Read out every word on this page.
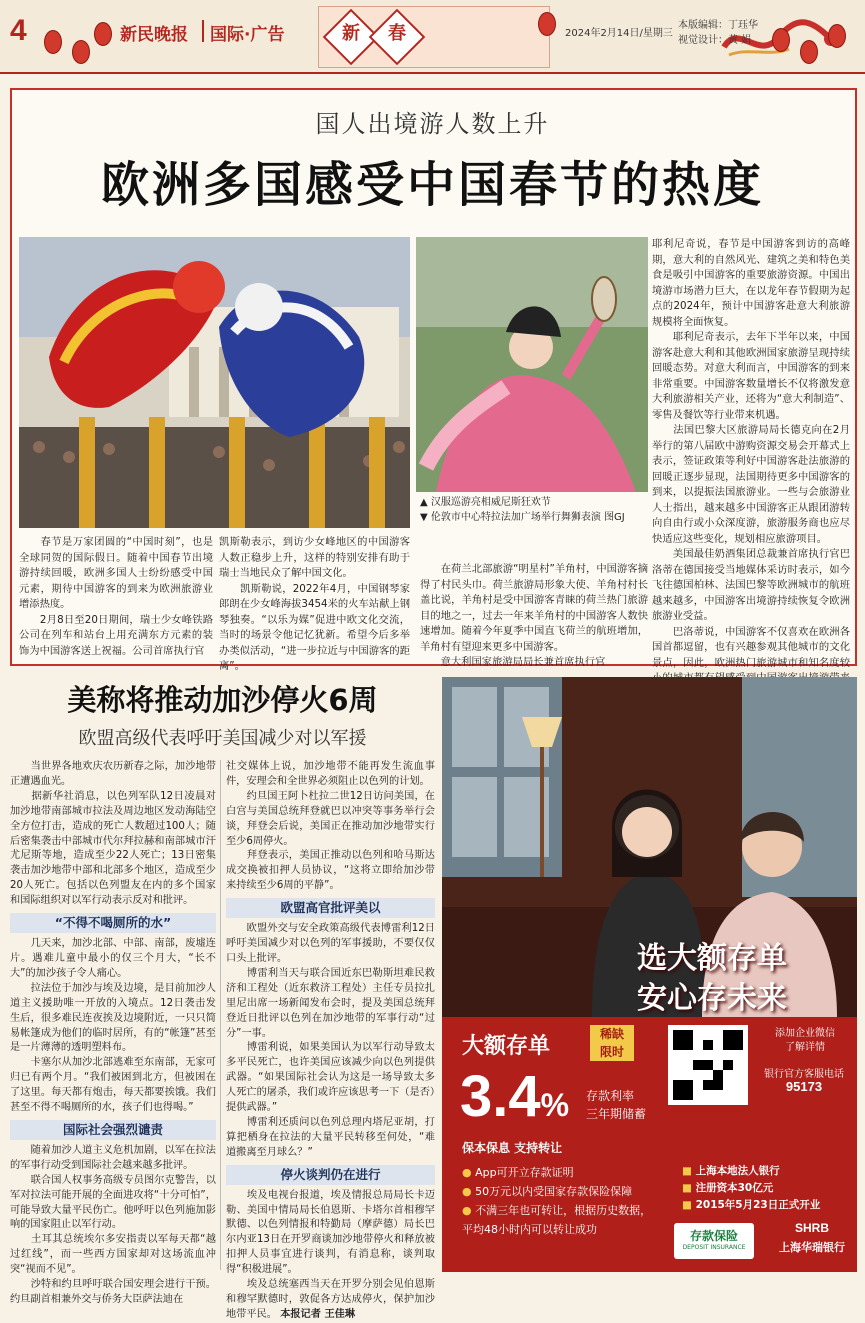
4	新民晚报 国际·广告	新	春	2024年2月14日/星期三
本版编辑：丁珏华
视觉设计：黄 娟
国人出境游人数上升
欧洲多国感受中国春节的热度
▲ 汉服巡游亮相威尼斯狂欢节
▼ 伦敦市中心特拉法加广场举行舞狮表演 图GJ
　　春节是万家团圆的“中国时刻”，也是全球同贺的国际假日。随着中国春节出境游持续回暖，欧洲多国人士纷纷感受中国元素，期待中国游客的到来为欧洲旅游业增添热度。
　　2月8日至20日期间，瑞士少女峰铁路公司在列车和站台上用充满东方元素的装饰为中国游客送上祝福。公司首席执行官
凯斯勒表示，到访少女峰地区的中国游客人数正稳步上升，这样的特别安排有助于瑞士当地民众了解中国文化。
　　凯斯勒说，2022年4月，中国钢琴家郎朗在少女峰海拔3454米的火车站献上钢琴独奏。“以乐为媒”促进中欧文化交流，当时的场景令他记忆犹新。希望今后多举办类似活动，“进一步拉近与中国游客的距离”。
　　在荷兰北部旅游“明星村”羊角村，中国游客摘得了村民头巾。荷兰旅游局形象大使、羊角村村长盖比说，羊角村是受中国游客青睐的荷兰热门旅游目的地之一，过去一年来羊角村的中国游客人数快速增加。随着今年夏季中国直飞荷兰的航班增加，羊角村有望迎来更多中国游客。
　　意大利国家旅游局局长兼首席执行官
耶利尼奇说，春节是中国游客到访的高峰期，意大利的自然风光、建筑之美和特色美食是吸引中国游客的重要旅游资源。中国出境游市场潜力巨大，在以龙年春节假期为起点的2024年，预计中国游客赴意大利旅游规模将全面恢复。
　　耶利尼奇表示，去年下半年以来，中国游客赴意大利和其他欧洲国家旅游呈现持续回暖态势。对意大利而言，中国游客的到来非常重要。中国游客数量增长不仅将激发意大利旅游相关产业，还将为“意大利制造”、零售及餐饮等行业带来机遇。
　　法国巴黎大区旅游局局长德克向在2月举行的第八届欧中游购资源交易会开幕式上表示，签证政策等利好中国游客赴法旅游的回暖正逐步显现，法国期待更多中国游客的到来，以提振法国旅游业。一些与会旅游业人士指出，越来越多中国游客正从跟团游转向自由行或小众深度游，旅游服务商也应尽快适应这些变化，规划相应旅游项目。
　　美国最佳奶酒集团总裁兼首席执行官巴洛蒂在德国接受当地媒体采访时表示，如今飞往德国柏林、法国巴黎等欧洲城市的航班越来越多，中国游客出境游持续恢复令欧洲旅游业受益。
　　巴洛蒂说，中国游客不仅喜欢在欧洲各国首都逗留，也有兴趣参观其他城市的文化景点，因此，欧洲热门旅游城市和知名度较
美称将推动加沙停火6周
欧盟高级代表呼吁美国减少对以军援
　　当世界各地欢庆农历新春之际，加沙地带正遭遇血光。
　　据新华社消息，以色列军队12日凌晨对加沙地带南部城市拉法及周边地区发动海陆空全方位打击，造成的死亡人数超过100人；随后密集袭击中部城市代尔拜拉赫和南部城市汗尤尼斯等地，造成至少22人死亡；13日密集袭击加沙地带中部和北部多个地区，造成至少20人死亡。包括以色列盟友在内的多个国家和国际组织对以军行动表示反对和批评。
“不得不喝厕所的水”
　　几天来，加沙北部、中部、南部，废墟连片。遇难儿童中最小的仅三个月大，“长不大”的加沙孩子令人痛心。
　　拉法位于加沙与埃及边境，是目前加沙人道主义援助唯一开放的入境点。12日袭击发生后，很多难民连夜挨及边境附近，一只只简易帐篷成为他们的临时居所，有的“帐篷”甚至是一片薄薄的透明塑料布。
　　卡塞尔从加沙北部逃难至东南部，无家可归已有两个月。“我们被困到北方，但被困在了这里。每天都有炮击，每天都要挨饿。我们甚至不得不喝厕所的水，孩子们也得喝。”
国际社会强烈谴责
　　随着加沙人道主义危机加剧，以军在拉法的军事行动受到国际社会越来越多批评。
　　联合国人权事务高级专员图尔克警告，以军对拉法可能开展的全面进攻将“十分可怕”，可能导致大量平民伤亡。他呼吁以色列施加影响的国家阻止以军行动。
　　土耳其总统埃尔多安指责以军每天都“越过红线”，而一些西方国家却对这场流血冲突“视而不见”。
　　沙特和约旦呼吁联合国安理会进行干预。约旦副首相兼外交与侨务大臣萨法迪在
社交媒体上说，加沙地带不能再发生流血事件，安理会和全世界必须阻止以色列的计划。
　　约旦国王阿卜杜拉二世12日访问美国，在白宫与美国总统拜登就巴以冲突等事务举行会谈，拜登会后说，美国正在推动加沙地带实行至少6周停火。
　　拜登表示，美国正推动以色列和哈马斯达成交换被扣押人员协议，“这将立即给加沙带来持续至少6周的平静”。
欧盟高官批评美以
　　欧盟外交与安全政策高级代表博雷利12日呼吁美国减少对以色列的军事援助，不要仅仅口头上批评。
　　博雷利当天与联合国近东巴勒斯坦难民救济和工程处（近东救济工程处）主任专员拉扎里尼出席一场新闻发布会时，提及美国总统拜登近日批评以色列在加沙地带的军事行动“过分”一事。
　　博雷利说，如果美国认为以军行动导致太多平民死亡，也许美国应该减少向以色列提供武器。“如果国际社会认为这是一场导致太多人死亡的屠杀，我们或许应该思考一下（是否）提供武器。”
　　博雷利还质问以色列总理内塔尼亚胡，打算把栖身在拉法的大量平民转移至何处，“难道搬离至月球么？”
停火谈判仍在进行
　　埃及电视台报道，埃及情报总局局长卡迈勒、美国中情局局长伯恩斯、卡塔尔首相穆罕默德、以色列情报和特勤局（摩萨德）局长巴尔内亚13日在开罗商谈加沙地带停火和释放被扣押人员事宜进行谈判，有消息称，谈判取得“积极进展”。
　　埃及总统塞西当天在开罗分别会见伯恩斯和穆罕默德时，敦促各方达成停火，保护加沙地带平民。 本报记者 王佳琳
选大额存单
安心存未来
大额存单	稀缺
限时
3.4% 存款利率
三年期储蓄
保本保息 支持转让
● App可开立存款证明
● 50万元以内受国家存款保险保障
● 不满三年也可转让，根据历史数据，平均48小时内可以转让成功
添加企业微信
了解详情
银行官方客服电话
95173
■ 上海本地法人银行
■ 注册资本30亿元
■ 2015年5月23日正式开业
存款保险
DEPOSIT INSURANCE
SHRB
上海华瑞银行
